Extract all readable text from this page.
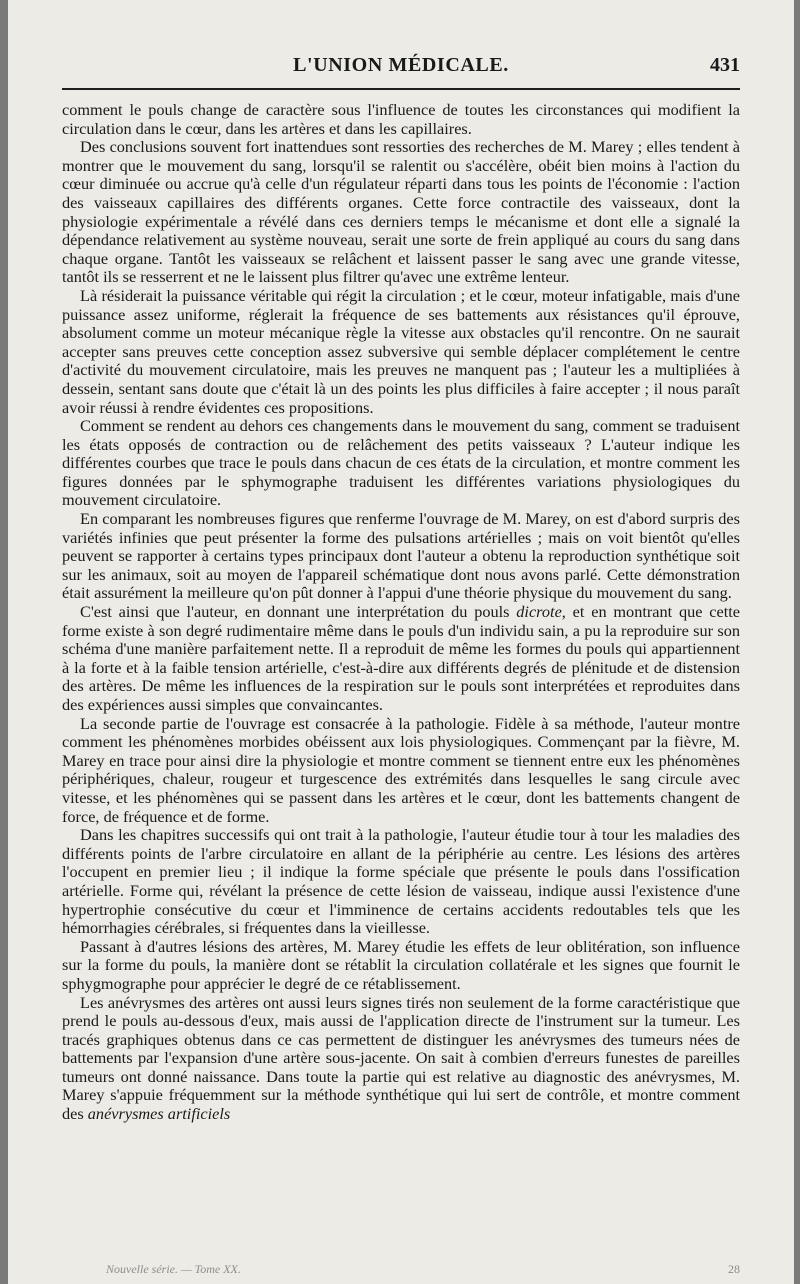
L'UNION MÉDICALE.	431

comment le pouls change de caractère sous l'influence de toutes les circonstances qui modifient la circulation dans le cœur, dans les artères et dans les capillaires.

Des conclusions souvent fort inattendues sont ressorties des recherches de M. Marey ; elles tendent à montrer que le mouvement du sang, lorsqu'il se ralentit ou s'accélère, obéit bien moins à l'action du cœur diminuée ou accrue qu'à celle d'un régulateur réparti dans tous les points de l'économie : l'action des vaisseaux capillaires des différents organes. Cette force contractile des vaisseaux, dont la physiologie expérimentale a révélé dans ces derniers temps le mécanisme et dont elle a signalé la dépendance relativement au système nouveau, serait une sorte de frein appliqué au cours du sang dans chaque organe. Tantôt les vaisseaux se relâchent et laissent passer le sang avec une grande vitesse, tantôt ils se resserrent et ne le laissent plus filtrer qu'avec une extrême lenteur.

Là résiderait la puissance véritable qui régit la circulation ; et le cœur, moteur infatigable, mais d'une puissance assez uniforme, réglerait la fréquence de ses battements aux résistances qu'il éprouve, absolument comme un moteur mécanique règle la vitesse aux obstacles qu'il rencontre. On ne saurait accepter sans preuves cette conception assez subversive qui semble déplacer complétement le centre d'activité du mouvement circulatoire, mais les preuves ne manquent pas ; l'auteur les a multipliées à dessein, sentant sans doute que c'était là un des points les plus difficiles à faire accepter ; il nous paraît avoir réussi à rendre évidentes ces propositions.

Comment se rendent au dehors ces changements dans le mouvement du sang, comment se traduisent les états opposés de contraction ou de relâchement des petits vaisseaux ? L'auteur indique les différentes courbes que trace le pouls dans chacun de ces états de la circulation, et montre comment les figures données par le sphymographe traduisent les différentes variations physiologiques du mouvement circulatoire.

En comparant les nombreuses figures que renferme l'ouvrage de M. Marey, on est d'abord surpris des variétés infinies que peut présenter la forme des pulsations artérielles ; mais on voit bientôt qu'elles peuvent se rapporter à certains types principaux dont l'auteur a obtenu la reproduction synthétique soit sur les animaux, soit au moyen de l'appareil schématique dont nous avons parlé. Cette démonstration était assurément la meilleure qu'on pût donner à l'appui d'une théorie physique du mouvement du sang.

C'est ainsi que l'auteur, en donnant une interprétation du pouls dicrote, et en montrant que cette forme existe à son degré rudimentaire même dans le pouls d'un individu sain, a pu la reproduire sur son schéma d'une manière parfaitement nette. Il a reproduit de même les formes du pouls qui appartiennent à la forte et à la faible tension artérielle, c'est-à-dire aux différents degrés de plénitude et de distension des artères. De même les influences de la respiration sur le pouls sont interprétées et reproduites dans des expériences aussi simples que convaincantes.

La seconde partie de l'ouvrage est consacrée à la pathologie. Fidèle à sa méthode, l'auteur montre comment les phénomènes morbides obéissent aux lois physiologiques. Commençant par la fièvre, M. Marey en trace pour ainsi dire la physiologie et montre comment se tiennent entre eux les phénomènes périphériques, chaleur, rougeur et turgescence des extrémités dans lesquelles le sang circule avec vitesse, et les phénomènes qui se passent dans les artères et le cœur, dont les battements changent de force, de fréquence et de forme.

Dans les chapitres successifs qui ont trait à la pathologie, l'auteur étudie tour à tour les maladies des différents points de l'arbre circulatoire en allant de la périphérie au centre. Les lésions des artères l'occupent en premier lieu ; il indique la forme spéciale que présente le pouls dans l'ossification artérielle. Forme qui, révélant la présence de cette lésion de vaisseau, indique aussi l'existence d'une hypertrophie consécutive du cœur et l'imminence de certains accidents redoutables tels que les hémorrhagies cérébrales, si fréquentes dans la vieillesse.

Passant à d'autres lésions des artères, M. Marey étudie les effets de leur oblitération, son influence sur la forme du pouls, la manière dont se rétablit la circulation collatérale et les signes que fournit le sphygmographe pour apprécier le degré de ce rétablissement.

Les anévrysmes des artères ont aussi leurs signes tirés non seulement de la forme caractéristique que prend le pouls au-dessous d'eux, mais aussi de l'application directe de l'instrument sur la tumeur. Les tracés graphiques obtenus dans ce cas permettent de distinguer les anévrysmes des tumeurs nées de battements par l'expansion d'une artère sous-jacente. On sait à combien d'erreurs funestes de pareilles tumeurs ont donné naissance. Dans toute la partie qui est relative au diagnostic des anévrysmes, M. Marey s'appuie fréquemment sur la méthode synthétique qui lui sert de contrôle, et montre comment des anévrysmes artificiels

Nouvelle série. — Tome XX.	28
